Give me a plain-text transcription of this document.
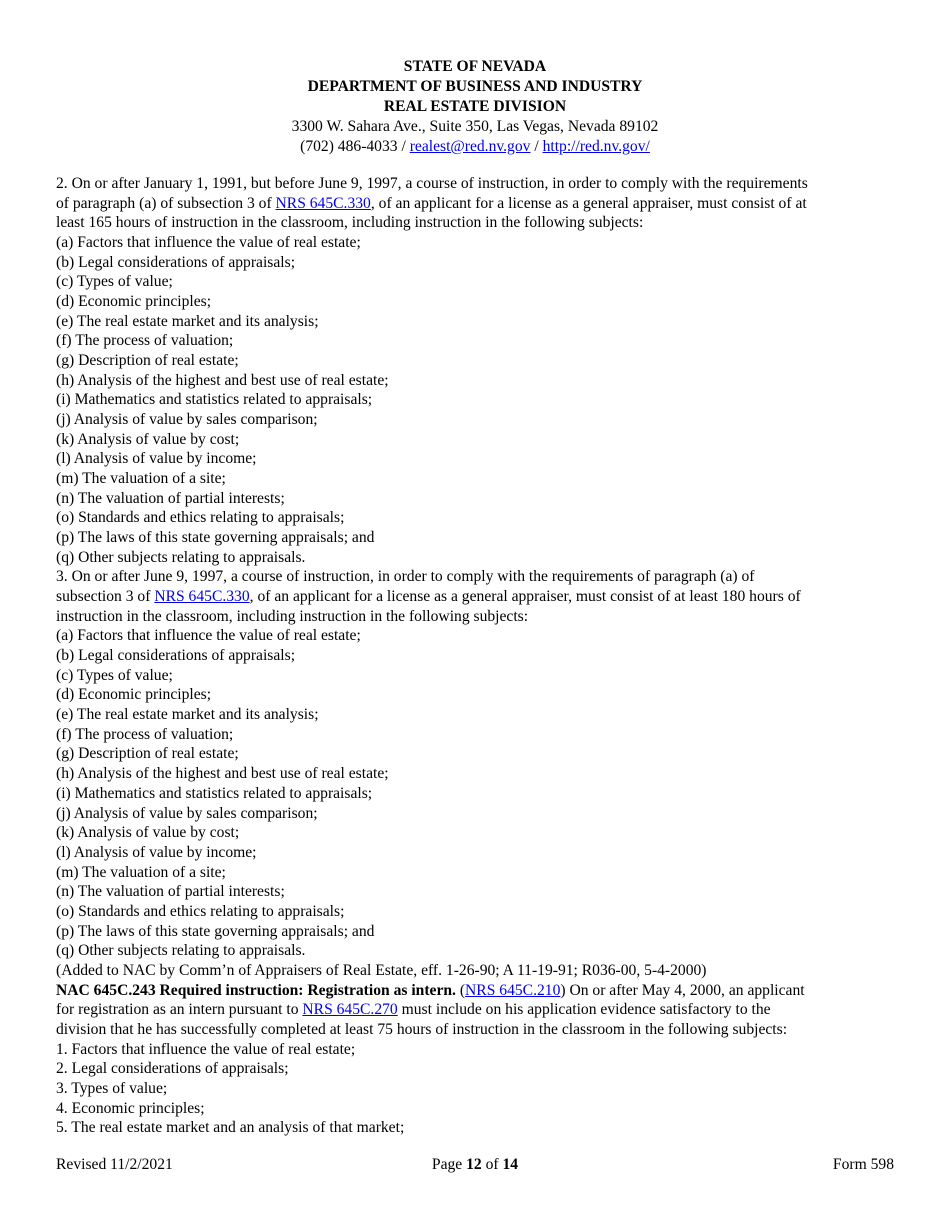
STATE OF NEVADA
DEPARTMENT OF BUSINESS AND INDUSTRY
REAL ESTATE DIVISION
3300 W. Sahara Ave., Suite 350, Las Vegas, Nevada 89102
(702) 486-4033 / realest@red.nv.gov / http://red.nv.gov/
2. On or after January 1, 1991, but before June 9, 1997, a course of instruction, in order to comply with the requirements
of paragraph (a) of subsection 3 of NRS 645C.330, of an applicant for a license as a general appraiser, must consist of at
least 165 hours of instruction in the classroom, including instruction in the following subjects:
(a) Factors that influence the value of real estate;
(b) Legal considerations of appraisals;
(c) Types of value;
(d) Economic principles;
(e) The real estate market and its analysis;
(f) The process of valuation;
(g) Description of real estate;
(h) Analysis of the highest and best use of real estate;
(i) Mathematics and statistics related to appraisals;
(j) Analysis of value by sales comparison;
(k) Analysis of value by cost;
(l) Analysis of value by income;
(m) The valuation of a site;
(n) The valuation of partial interests;
(o) Standards and ethics relating to appraisals;
(p) The laws of this state governing appraisals; and
(q) Other subjects relating to appraisals.
3. On or after June 9, 1997, a course of instruction, in order to comply with the requirements of paragraph (a) of
subsection 3 of NRS 645C.330, of an applicant for a license as a general appraiser, must consist of at least 180 hours of
instruction in the classroom, including instruction in the following subjects:
(a) Factors that influence the value of real estate;
(b) Legal considerations of appraisals;
(c) Types of value;
(d) Economic principles;
(e) The real estate market and its analysis;
(f) The process of valuation;
(g) Description of real estate;
(h) Analysis of the highest and best use of real estate;
(i) Mathematics and statistics related to appraisals;
(j) Analysis of value by sales comparison;
(k) Analysis of value by cost;
(l) Analysis of value by income;
(m) The valuation of a site;
(n) The valuation of partial interests;
(o) Standards and ethics relating to appraisals;
(p) The laws of this state governing appraisals; and
(q) Other subjects relating to appraisals.
(Added to NAC by Comm’n of Appraisers of Real Estate, eff. 1-26-90; A 11-19-91; R036-00, 5-4-2000)
NAC 645C.243 Required instruction: Registration as intern. (NRS 645C.210) On or after May 4, 2000, an applicant
for registration as an intern pursuant to NRS 645C.270 must include on his application evidence satisfactory to the
division that he has successfully completed at least 75 hours of instruction in the classroom in the following subjects:
1. Factors that influence the value of real estate;
2. Legal considerations of appraisals;
3. Types of value;
4. Economic principles;
5. The real estate market and an analysis of that market;
Revised 11/2/2021	Page 12 of 14	Form 598
